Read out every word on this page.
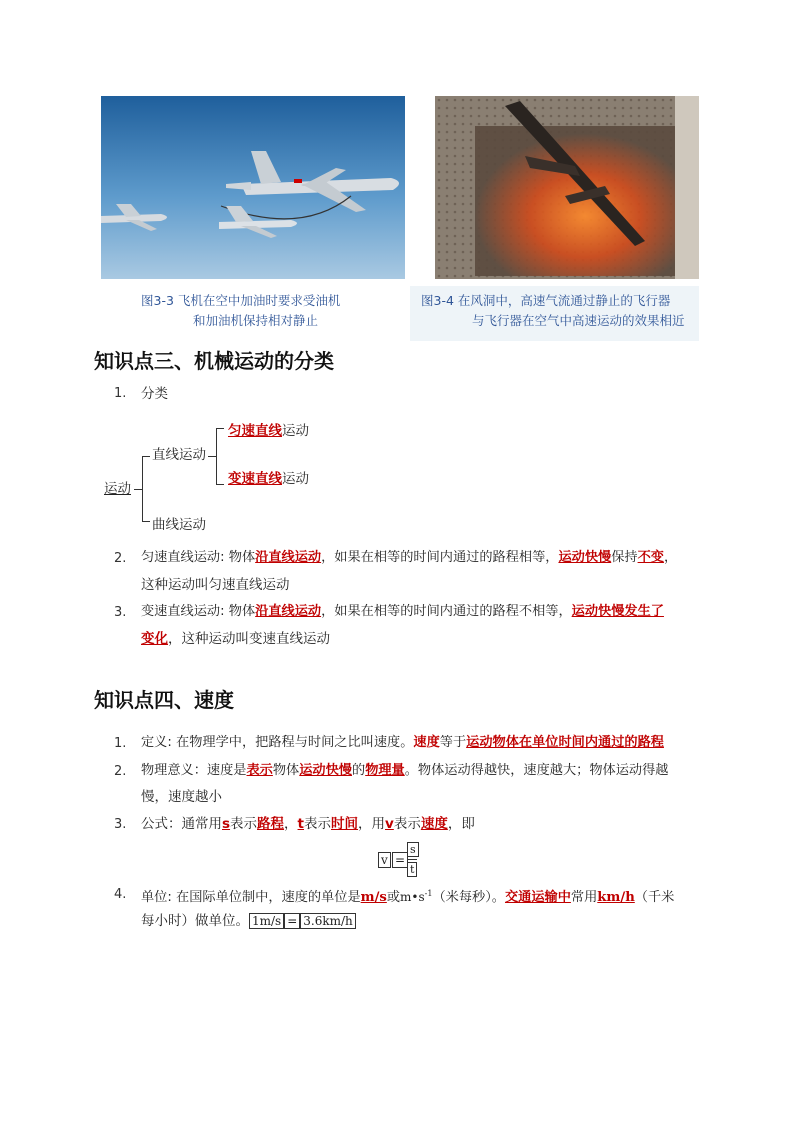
图3-3 飞机在空中加油时要求受油机
和加油机保持相对静止
图3-4 在风洞中，高速气流通过静止的飞行器
与飞行器在空气中高速运动的效果相近
知识点三、机械运动的分类
1. 分类
运动
直线运动
曲线运动
匀速直线运动
变速直线运动
2. 匀速直线运动: 物体沿直线运动，如果在相等的时间内通过的路程相等，运动快慢保持不变，
这种运动叫匀速直线运动
3. 变速直线运动: 物体沿直线运动，如果在相等的时间内通过的路程不相等，运动快慢发生了
变化，这种运动叫变速直线运动
知识点四、速度
1. 定义: 在物理学中，把路程与时间之比叫速度。速度等于运动物体在单位时间内通过的路程
2. 物理意义：速度是表示物体运动快慢的物理量。物体运动得越快，速度越大；物体运动得越
慢，速度越小
3. 公式：通常用s表示路程，t表示时间，用v表示速度，即
v =
s
t
4. 单位: 在国际单位制中，速度的单位是m/s或$m•s^{-1}$（米每秒）。交通运输中常用km/h（千米
每小时）做单位。 1m/s = 3.6km/h
